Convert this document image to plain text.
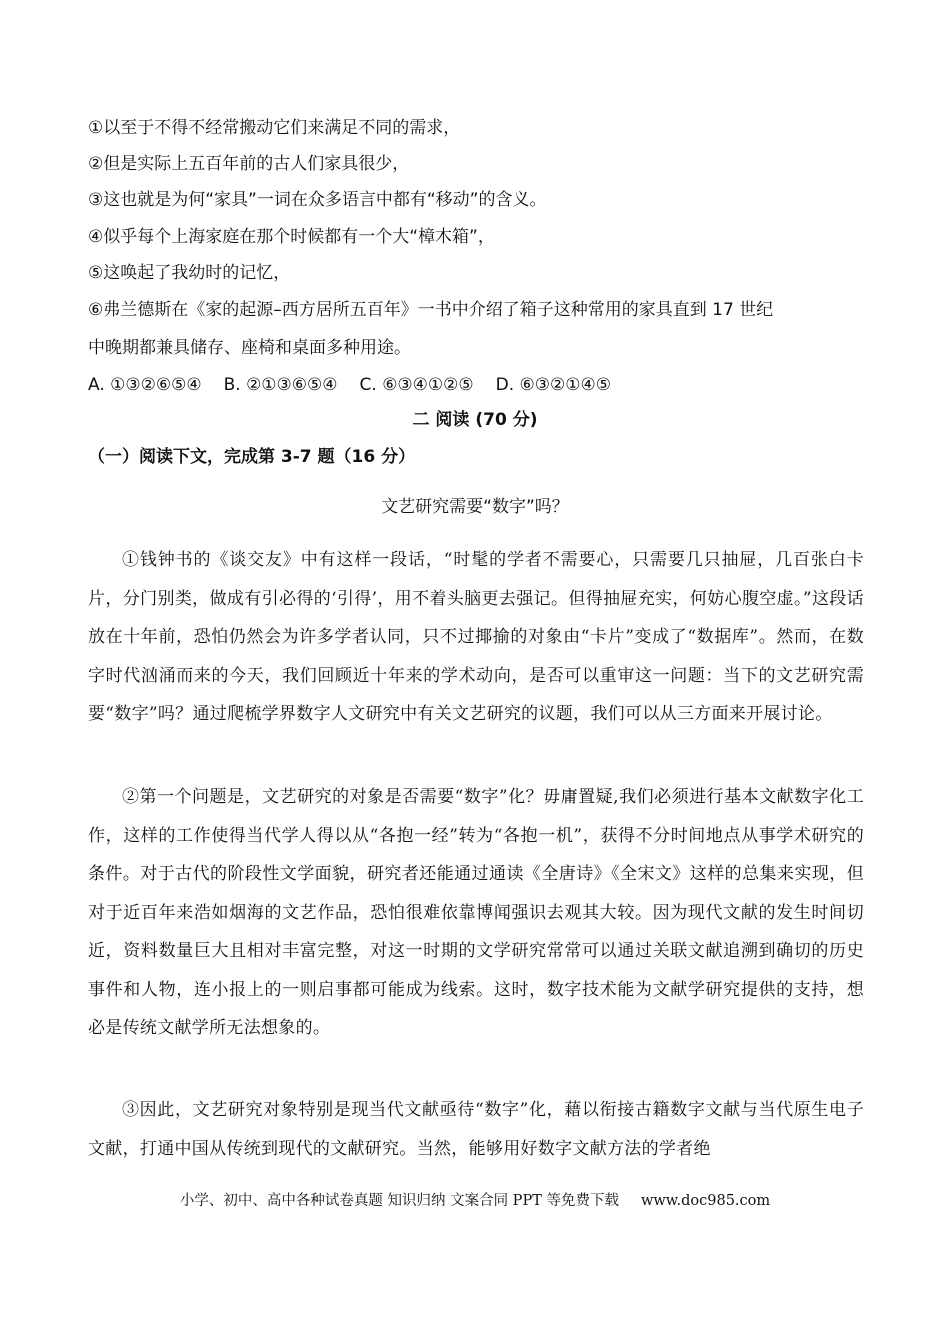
①以至于不得不经常搬动它们来满足不同的需求，
②但是实际上五百年前的古人们家具很少，
③这也就是为何“家具”一词在众多语言中都有“移动”的含义。
④似乎每个上海家庭在那个时候都有一个大“樟木箱”，
⑤这唤起了我幼时的记忆，
⑥弗兰德斯在《家的起源–西方居所五百年》一书中介绍了箱子这种常用的家具直到 17 世纪
中晚期都兼具储存、座椅和桌面多种用途。
A. ①③②⑥⑤④ B. ②①③⑥⑤④ C. ⑥③④①②⑤ D. ⑥③②①④⑤
二 阅读 (70 分)
（一）阅读下文，完成第 3-7 题（16 分）
文艺研究需要“数字”吗？
①钱钟书的《谈交友》中有这样一段话，“时髦的学者不需要心，只需要几只抽屉，几百张白卡片，分门别类，做成有引必得的‘引得’，用不着头脑更去强记。但得抽屉充实，何妨心腹空虚。”这段话放在十年前，恐怕仍然会为许多学者认同，只不过揶揄的对象由“卡片”变成了“数据库”。然而，在数字时代汹涌而来的今天，我们回顾近十年来的学术动向，是否可以重审这一问题：当下的文艺研究需要“数字”吗？通过爬梳学界数字人文研究中有关文艺研究的议题，我们可以从三方面来开展讨论。
②第一个问题是，文艺研究的对象是否需要“数字”化？毋庸置疑,我们必须进行基本文献数字化工作，这样的工作使得当代学人得以从“各抱一经”转为“各抱一机”，获得不分时间地点从事学术研究的条件。对于古代的阶段性文学面貌，研究者还能通过通读《全唐诗》《全宋文》这样的总集来实现，但对于近百年来浩如烟海的文艺作品，恐怕很难依靠博闻强识去观其大较。因为现代文献的发生时间切近，资料数量巨大且相对丰富完整，对这一时期的文学研究常常可以通过关联文献追溯到确切的历史事件和人物，连小报上的一则启事都可能成为线索。这时，数字技术能为文献学研究提供的支持，想必是传统文献学所无法想象的。
③因此，文艺研究对象特别是现当代文献亟待“数字”化，藉以衔接古籍数字文献与当代原生电子文献，打通中国从传统到现代的文献研究。当然，能够用好数字文献方法的学者绝
小学、初中、高中各种试卷真题 知识归纳 文案合同 PPT 等免费下载 www.doc985.com
